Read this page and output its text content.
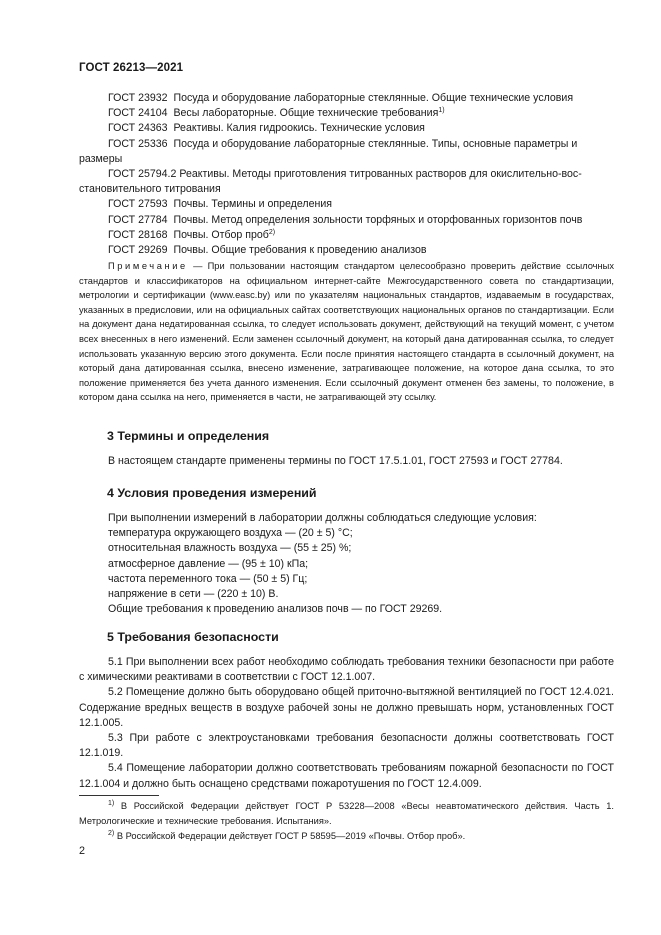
ГОСТ 26213—2021
ГОСТ 23932 Посуда и оборудование лабораторные стеклянные. Общие технические условия
ГОСТ 24104 Весы лабораторные. Общие технические требования$^{1)}$
ГОСТ 24363 Реактивы. Калия гидроокись. Технические условия
ГОСТ 25336 Посуда и оборудование лабораторные стеклянные. Типы, основные параметры и
размеры
ГОСТ 25794.2 Реактивы. Методы приготовления титрованных растворов для окислительно-вос-
становительного титрования
ГОСТ 27593 Почвы. Термины и определения
ГОСТ 27784 Почвы. Метод определения зольности торфяных и оторфованных горизонтов почв
ГОСТ 28168 Почвы. Отбор проб$^{2)}$
ГОСТ 29269 Почвы. Общие требования к проведению анализов
Примечание — При пользовании настоящим стандартом целесообразно проверить действие ссылочных стандартов и классификаторов на официальном интернет-сайте Межгосударственного совета по стандартизации, метрологии и сертификации (www.easc.by) или по указателям национальных стандартов, издаваемым в государствах, указанных в предисловии, или на официальных сайтах соответствующих национальных органов по стандартизации. Если на документ дана недатированная ссылка, то следует использовать документ, действующий на текущий момент, с учетом всех внесенных в него изменений. Если заменен ссылочный документ, на который дана датированная ссылка, то следует использовать указанную версию этого документа. Если после принятия настоящего стандарта в ссылочный документ, на который дана датированная ссылка, внесено изменение, затрагивающее положение, на которое дана ссылка, то это положение применяется без учета данного изменения. Если ссылочный документ отменен без замены, то положение, в котором дана ссылка на него, применяется в части, не затрагивающей эту ссылку.
3 Термины и определения

В настоящем стандарте применены термины по ГОСТ 17.5.1.01, ГОСТ 27593 и ГОСТ 27784.

4 Условия проведения измерений

При выполнении измерений в лаборатории должны соблюдаться следующие условия:

температура окружающего воздуха — (20 ± 5) °С;

относительная влажность воздуха — (55 ± 25) %;

атмосферное давление — (95 ± 10) кПа;

частота переменного тока — (50 ± 5) Гц;

напряжение в сети — (220 ± 10) В.

Общие требования к проведению анализов почв — по ГОСТ 29269.

5 Требования безопасности

5.1 При выполнении всех работ необходимо соблюдать требования техники безопасности при работе с химическими реактивами в соответствии с ГОСТ 12.1.007.

5.2 Помещение должно быть оборудовано общей приточно-вытяжной вентиляцией по ГОСТ 12.4.021. Содержание вредных веществ в воздухе рабочей зоны не должно превышать норм, установленных ГОСТ 12.1.005.

5.3 При работе с электроустановками требования безопасности должны соответствовать ГОСТ 12.1.019.

5.4 Помещение лаборатории должно соответствовать требованиям пожарной безопасности по ГОСТ 12.1.004 и должно быть оснащено средствами пожаротушения по ГОСТ 12.4.009.

$^{1)}$ В Российской Федерации действует ГОСТ Р 53228—2008 «Весы неавтоматического действия. Часть 1. Метрологические и технические требования. Испытания».
$^{2)}$ В Российской Федерации действует ГОСТ Р 58595—2019 «Почвы. Отбор проб».
2
